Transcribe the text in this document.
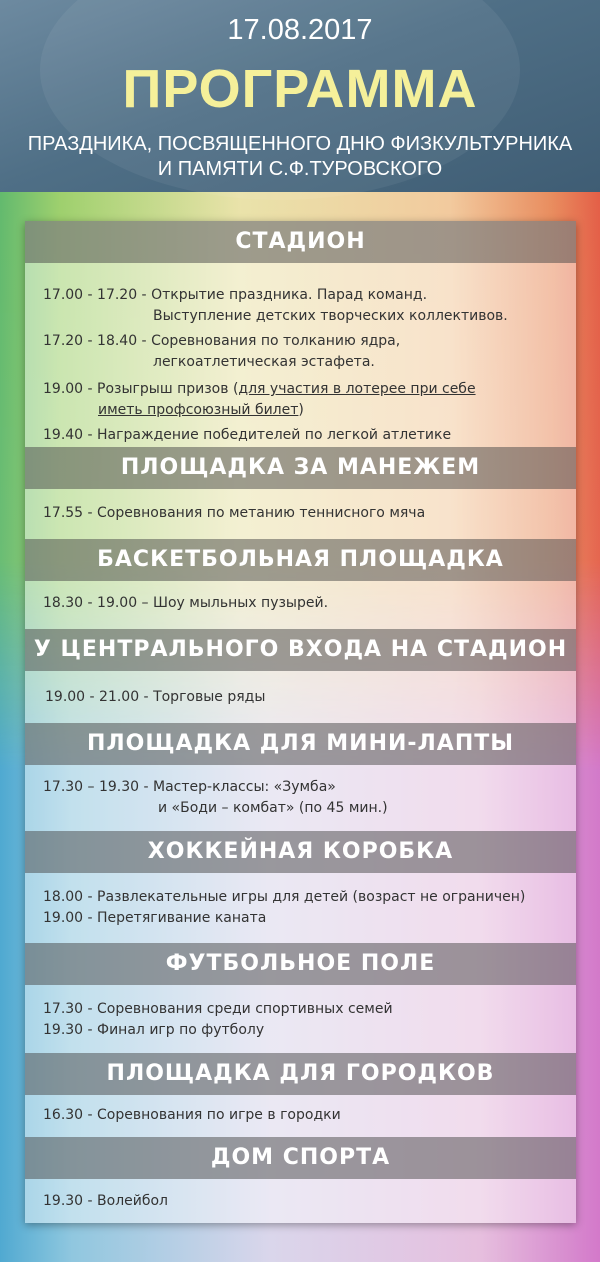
17.08.2017
ПРОГРАММА
ПРАЗДНИКА, ПОСВЯЩЕННОГО ДНЮ ФИЗКУЛЬТУРНИКА
И ПАМЯТИ С.Ф.ТУРОВСКОГО
СТАДИОН
17.00 - 17.20 - Открытие праздника. Парад команд.
Выступление детских творческих коллективов.
17.20 - 18.40 - Соревнования по толканию ядра,
легкоатлетическая эстафета.
19.00 - Розыгрыш призов (для участия в лотерее при себе
иметь профсоюзный билет)
19.40 - Награждение победителей по легкой атлетике
ПЛОЩАДКА ЗА МАНЕЖЕМ
17.55 - Соревнования по метанию теннисного мяча
БАСКЕТБОЛЬНАЯ ПЛОЩАДКА
18.30 - 19.00 – Шоу мыльных пузырей.
У ЦЕНТРАЛЬНОГО ВХОДА НА СТАДИОН
19.00 - 21.00 - Торговые ряды
ПЛОЩАДКА ДЛЯ МИНИ-ЛАПТЫ
17.30 – 19.30 - Мастер-классы: «Зумба»
и «Боди – комбат» (по 45 мин.)
ХОККЕЙНАЯ КОРОБКА
18.00 - Развлекательные игры для детей (возраст не ограничен)
19.00 - Перетягивание каната
ФУТБОЛЬНОЕ ПОЛЕ
17.30 - Соревнования среди спортивных семей
19.30 - Финал игр по футболу
ПЛОЩАДКА ДЛЯ ГОРОДКОВ
16.30 - Соревнования по игре в городки
ДОМ СПОРТА
19.30 - Волейбол
